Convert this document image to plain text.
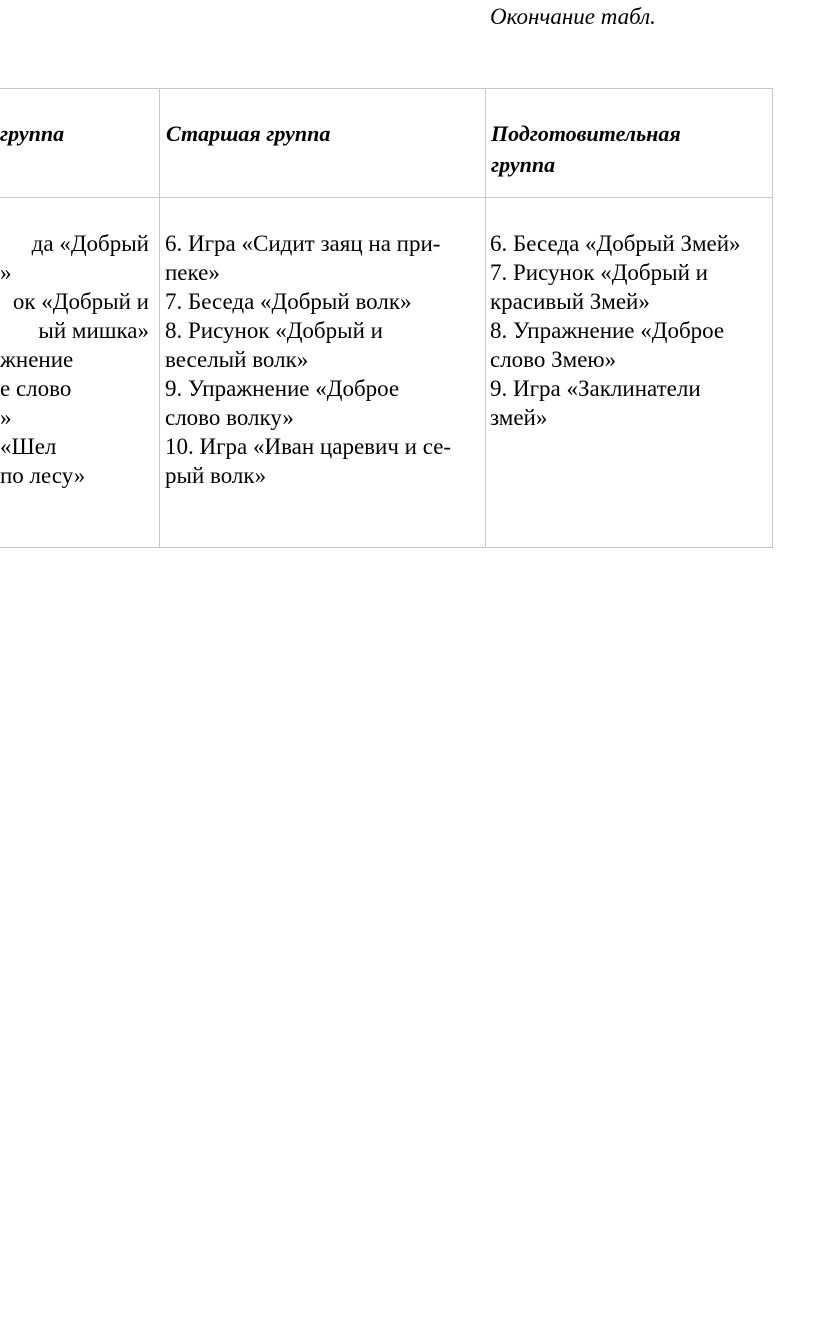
Окончание табл.
группа	Старшая группа	Подготовительная
группа
да «Добрый
»
ок «Добрый и
ый мишка»
жнение
е слово
»
«Шел
по лесу»
6. Игра «Сидит заяц на при-
пеке»
7. Беседа «Добрый волк»
8. Рисунок «Добрый и
веселый волк»
9. Упражнение «Доброе
слово волку»
10. Игра «Иван царевич и се-
рый волк»
6. Беседа «Добрый Змей»
7. Рисунок «Добрый и
красивый Змей»
8. Упражнение «Доброе
слово Змею»
9. Игра «Заклинатели
змей»
